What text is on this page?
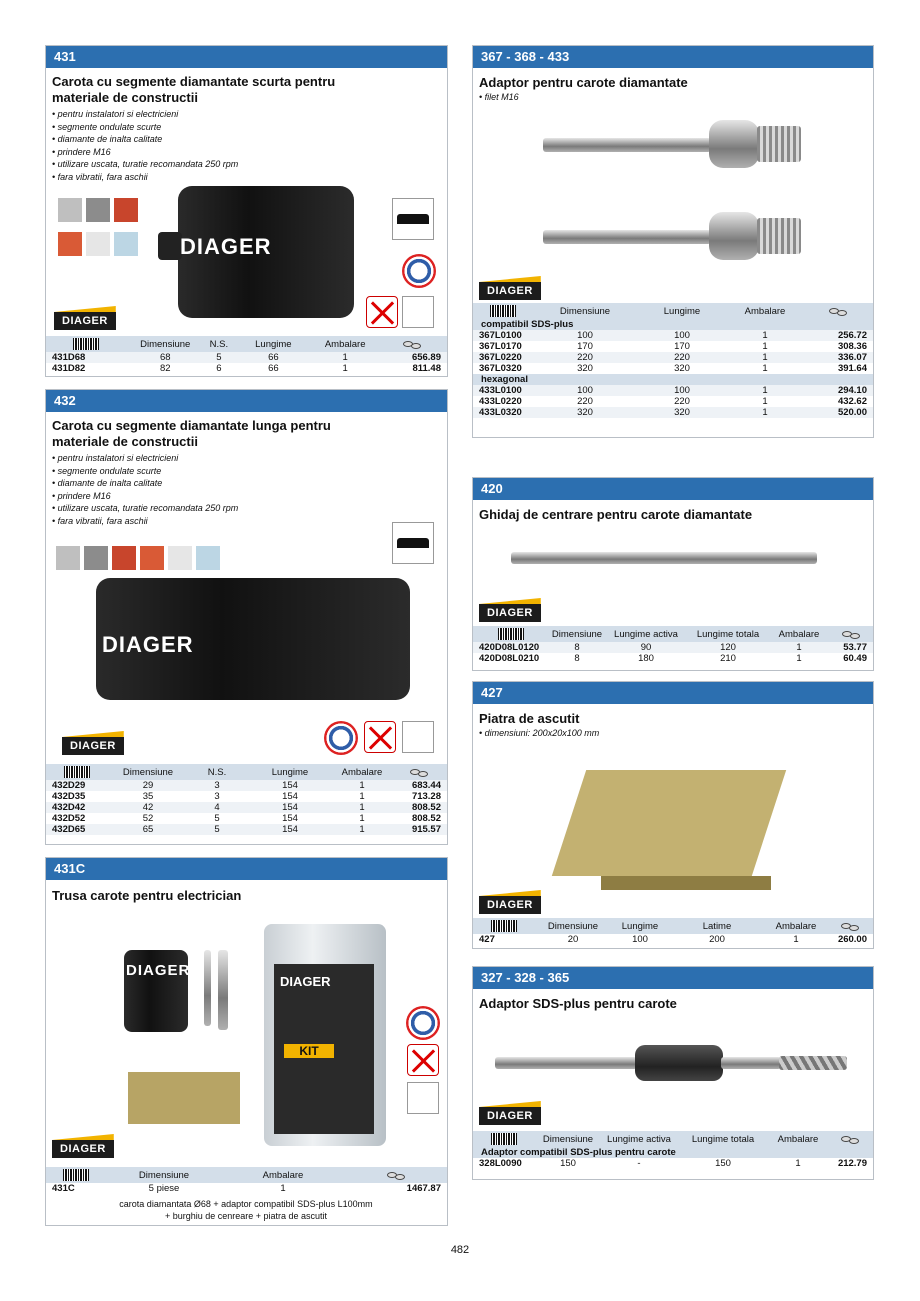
431
Carota cu segmente diamantate scurta pentru
materiale de constructii
• pentru instalatori si electricieni
• segmente ondulate scurte
• diamante de inalta calitate
• prindere M16
• utilizare uscata, turatie recomandata 250 rpm
• fara vibratii, fara aschii
DIAGER
DIAGER
	Dimensiune	N.S.	Lungime	Ambalare	

431D68	68	5	66	1	656.89
431D82	82	6	66	1	811.48
432
Carota cu segmente diamantate lunga pentru
materiale de constructii
• pentru instalatori si electricieni
• segmente ondulate scurte
• diamante de inalta calitate
• prindere M16
• utilizare uscata, turatie recomandata 250 rpm
• fara vibratii, fara aschii
DIAGER
DIAGER
	Dimensiune	N.S.	Lungime	Ambalare	

432D29	29	3	154	1	683.44
432D35	35	3	154	1	713.28
432D42	42	4	154	1	808.52
432D52	52	5	154	1	808.52
432D65	65	5	154	1	915.57
431C
Trusa carote pentru electrician
DIAGER
DIAGER
KIT
DIAGER
	Dimensiune	Ambalare	

431C	5 piese	1	1467.87
carota diamantata Ø68 + adaptor compatibil SDS-plus L100mm
+ burghiu de cenreare + piatra de ascutit
367 - 368 - 433
Adaptor pentru carote diamantate
• filet M16
DIAGER
	Dimensiune	Lungime	Ambalare	

compatibil SDS-plus				
367L0100	100	100	1	256.72
367L0170	170	170	1	308.36
367L0220	220	220	1	336.07
367L0320	320	320	1	391.64
hexagonal				
433L0100	100	100	1	294.10
433L0220	220	220	1	432.62
433L0320	320	320	1	520.00
420
Ghidaj de centrare pentru carote diamantate
DIAGER
	Dimensiune	Lungime activa	Lungime totala	Ambalare	

420D08L0120	8	90	120	1	53.77
420D08L0210	8	180	210	1	60.49
427
Piatra de ascutit
• dimensiuni: 200x20x100 mm
DIAGER
	Dimensiune	Lungime	Latime	Ambalare	

427	20	100	200	1	260.00
327 - 328 - 365
Adaptor SDS-plus pentru carote
DIAGER
	Dimensiune	Lungime activa	Lungime totala	Ambalare	

Adaptor compatibil SDS-plus pentru carote					
328L0090	150	-	150	1	212.79
482
